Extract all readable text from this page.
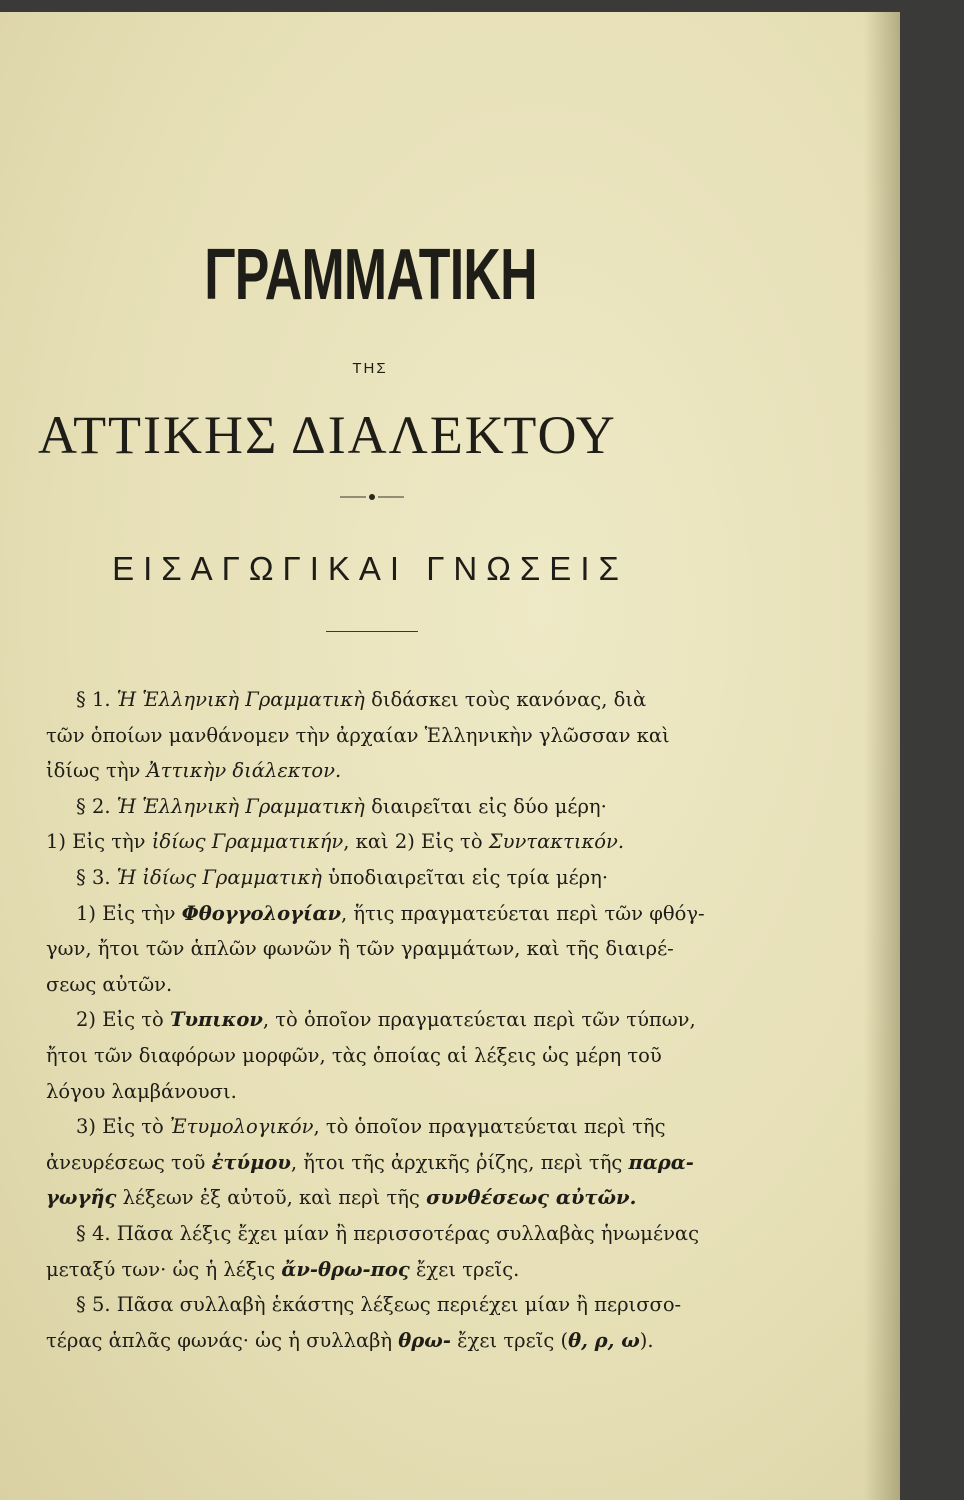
ΓΡΑΜΜΑΤΙΚΗ
ΤΗΣ
ΑΤΤΙΚΗΣ ΔΙΑΛΕΚΤΟΥ
ΕΙΣΑΓΩΓΙΚΑΙ ΓΝΩΣΕΙΣ
§ 1. Ἡ Ἑλληνικὴ Γραμματικὴ διδάσκει τοὺς κανόνας, διὰ
τῶν ὁποίων μανθάνομεν τὴν ἀρχαίαν Ἑλληνικὴν γλῶσσαν καὶ
ἰδίως τὴν Ἀττικὴν διάλεκτον.
§ 2. Ἡ Ἑλληνικὴ Γραμματικὴ διαιρεῖται εἰς δύο μέρη·
1) Εἰς τὴν ἰδίως Γραμματικήν, καὶ 2) Εἰς τὸ Συντακτικόν.
§ 3. Ἡ ἰδίως Γραμματικὴ ὑποδιαιρεῖται εἰς τρία μέρη·
1) Εἰς τὴν Φθογγολογίαν, ἥτις πραγματεύεται περὶ τῶν φθόγ-
γων, ἤτοι τῶν ἁπλῶν φωνῶν ἢ τῶν γραμμάτων, καὶ τῆς διαιρέ-
σεως αὐτῶν.
2) Εἰς τὸ Τυπικον, τὸ ὁποῖον πραγματεύεται περὶ τῶν τύπων,
ἤτοι τῶν διαφόρων μορφῶν, τὰς ὁποίας αἱ λέξεις ὡς μέρη τοῦ
λόγου λαμβάνουσι.
3) Εἰς τὸ Ἐτυμολογικόν, τὸ ὁποῖον πραγματεύεται περὶ τῆς
ἀνευρέσεως τοῦ ἐτύμου, ἤτοι τῆς ἀρχικῆς ῥίζης, περὶ τῆς παρα-
γωγῆς λέξεων ἐξ αὐτοῦ, καὶ περὶ τῆς συνθέσεως αὐτῶν.
§ 4. Πᾶσα λέξις ἔχει μίαν ἢ περισσοτέρας συλλαβὰς ἡνωμένας
μεταξύ των· ὡς ἡ λέξις ἄν-θρω-πος ἔχει τρεῖς.
§ 5. Πᾶσα συλλαβὴ ἑκάστης λέξεως περιέχει μίαν ἢ περισσο-
τέρας ἁπλᾶς φωνάς· ὡς ἡ συλλαβὴ θρω- ἔχει τρεῖς (θ, ρ, ω).
